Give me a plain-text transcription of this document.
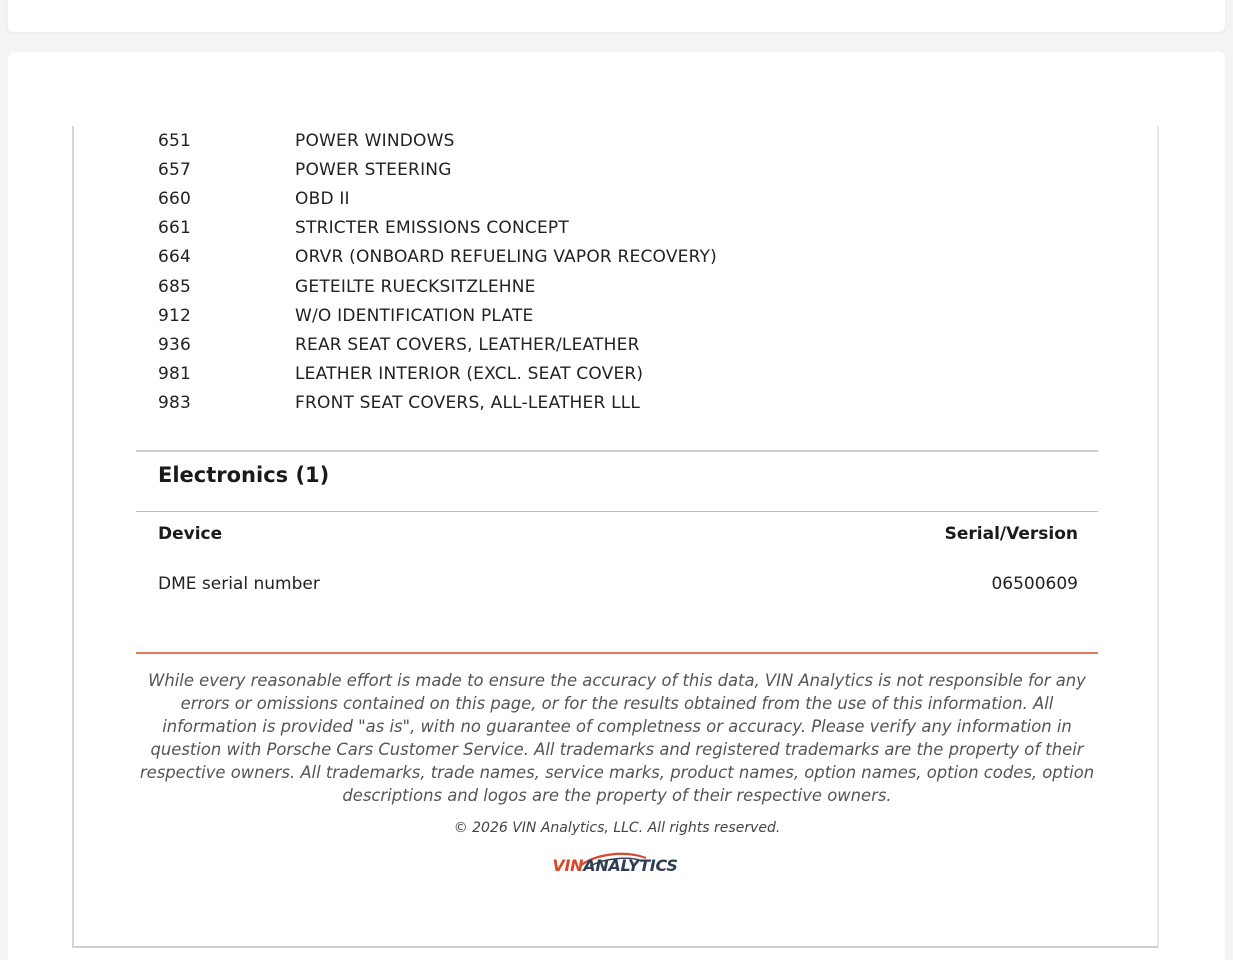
651	POWER WINDOWS
657	POWER STEERING
660	OBD II
661	STRICTER EMISSIONS CONCEPT
664	ORVR (ONBOARD REFUELING VAPOR RECOVERY)
685	GETEILTE RUECKSITZLEHNE
912	W/O IDENTIFICATION PLATE
936	REAR SEAT COVERS, LEATHER/LEATHER
981	LEATHER INTERIOR (EXCL. SEAT COVER)
983	FRONT SEAT COVERS, ALL-LEATHER LLL
Electronics (1)
Device	Serial/Version
DME serial number	06500609

While every reasonable effort is made to ensure the accuracy of this data, VIN Analytics is not responsible for any errors or omissions contained on this page, or for the results obtained from the use of this information. All information is provided "as is", with no guarantee of completness or accuracy. Please verify any information in question with Porsche Cars Customer Service. All trademarks and registered trademarks are the property of their respective owners. All trademarks, trade names, service marks, product names, option names, option codes, option descriptions and logos are the property of their respective owners.

© 2026 VIN Analytics, LLC. All rights reserved.

VINANALYTICS
